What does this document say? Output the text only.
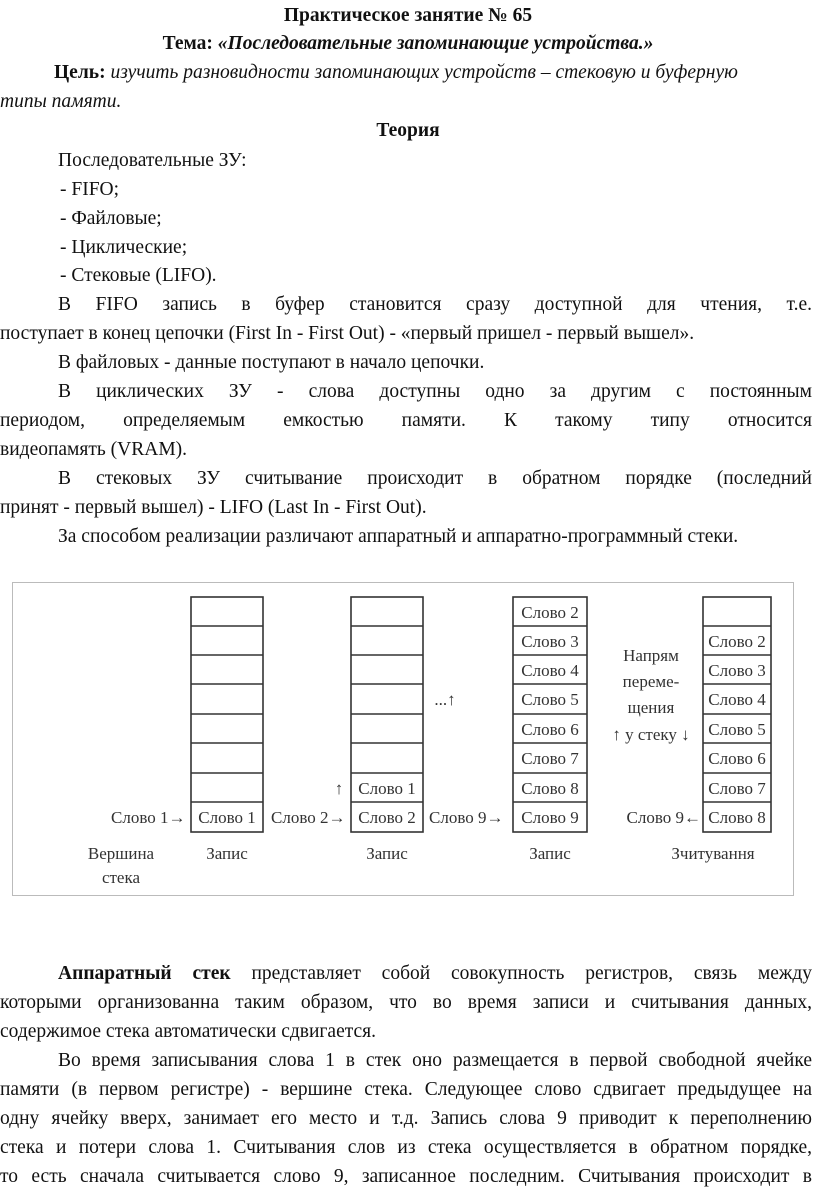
Практическое занятие № 65
Тема: «Последовательные запоминающие устройства.»
Цель: изучить разновидности запоминающих устройств – стековую и буферную
типы памяти.
Теория
Последовательные ЗУ:
- FIFO;
- Файловые;
- Циклические;
- Стековые (LIFO).
В FIFO запись в буфер становится сразу доступной для чтения, т.е.
поступает в конец цепочки (First In - First Out) - «первый пришел - первый вышел».
В файловых - данные поступают в начало цепочки.
В циклических ЗУ - слова доступны одно за другим с постоянным
периодом, определяемым емкостью памяти. К такому типу относится
видеопамять (VRAM).
В стековых ЗУ считывание происходит в обратном порядке (последний
принят - первый вышел) - LIFO (Last In - First Out).
За способом реализации различают аппаратный и аппаратно-программный стеки.
Слово 1
Слово 1→
Вершина
стека
Запис
Слово 1
Слово 2
↑
Слово 2→
Запис
...↑
Слово 2
Слово 3
Слово 4
Слово 5
Слово 6
Слово 7
Слово 8
Слово 9
Слово 9→
Запис
Напрям
переме-
щения
↑ у стеку ↓
Слово 2
Слово 3
Слово 4
Слово 5
Слово 6
Слово 7
Слово 8
Слово 9←
Зчитування
Аппаратный стек представляет собой совокупность регистров, связь между
которыми организованна таким образом, что во время записи и считывания данных,
содержимое стека автоматически сдвигается.
Во время записывания слова 1 в стек оно размещается в первой свободной ячейке
памяти (в первом регистре) - вершине стека. Следующее слово сдвигает предыдущее на
одну ячейку вверх, занимает его место и т.д. Запись слова 9 приводит к переполнению
стека и потери слова 1. Считывания слов из стека осуществляется в обратном порядке,
то есть сначала считывается слово 9, записанное последним. Считывания происходит в
